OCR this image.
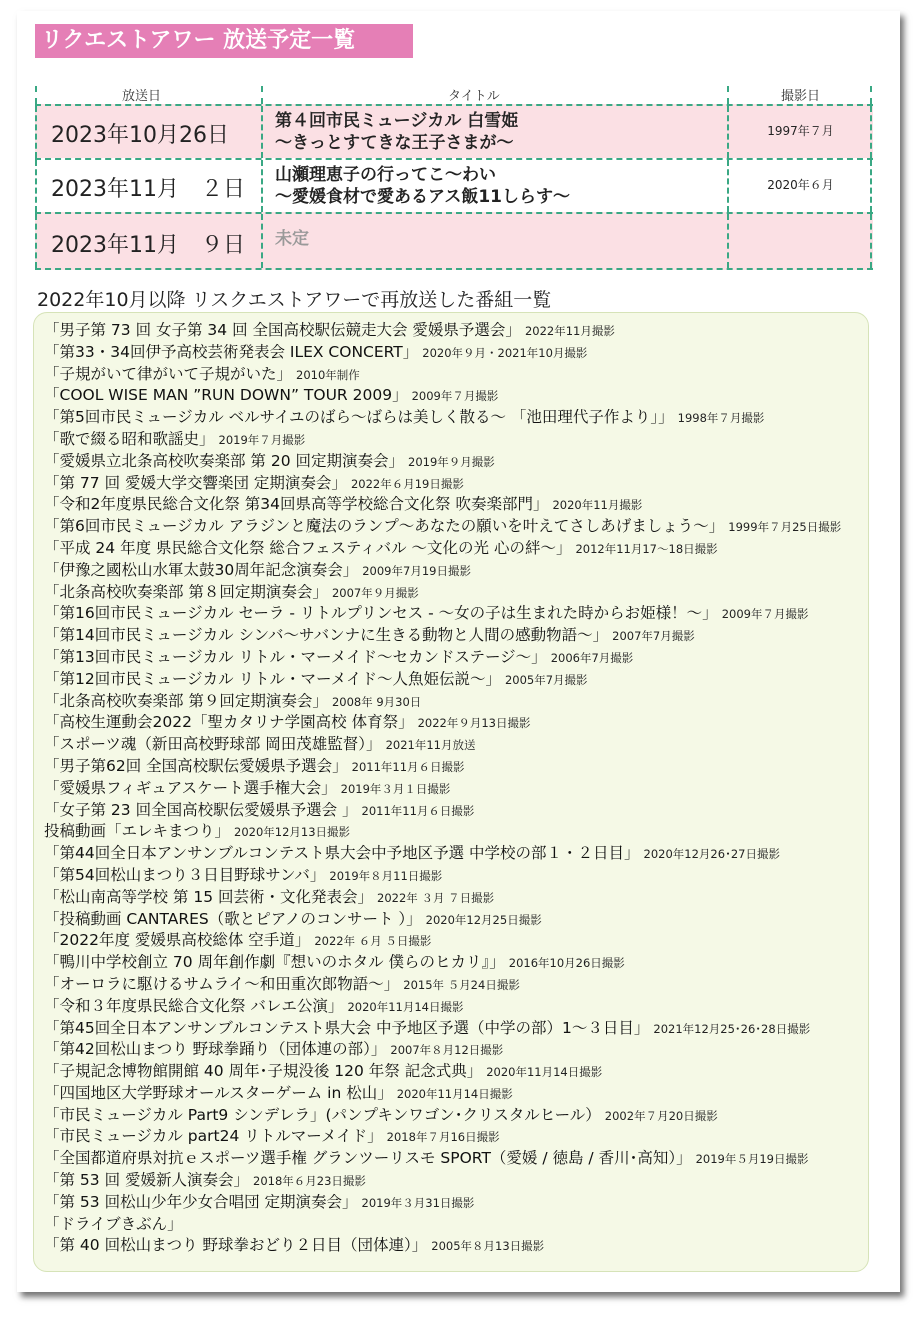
リクエストアワー 放送予定一覧
放送日	タイトル	撮影日
2023年10月26日
第４回市民ミュージカル 白雪姫
〜きっとすてきな王子さまが〜
1997年７月
2023年11月　２日
山瀬理恵子の行ってこ〜わい
〜愛媛食材で愛あるアス飯11しらす〜
2020年６月
2023年11月　９日 未定
2022年10月以降 リスクエストアワーで再放送した番組一覧
「男子第 73 回 女子第 34 回 全国高校駅伝競走大会 愛媛県予選会」 2022年11月撮影
「第33・34回伊予高校芸術発表会 ILEX CONCERT」 2020年９月・2021年10月撮影
「子規がいて律がいて子規がいた」 2010年制作
「COOL WISE MAN ”RUN DOWN” TOUR 2009」 2009年７月撮影
「第5回市民ミュージカル ベルサイユのばら〜ばらは美しく散る〜 「池田理代子作より」」 1998年７月撮影
「歌で綴る昭和歌謡史」 2019年７月撮影
「愛媛県立北条高校吹奏楽部 第 20 回定期演奏会」 2019年９月撮影
「第 77 回 愛媛大学交響楽団 定期演奏会」 2022年６月19日撮影
「令和2年度県民総合文化祭 第34回県高等学校総合文化祭 吹奏楽部門」 2020年11月撮影
「第6回市民ミュージカル アラジンと魔法のランプ〜あなたの願いを叶えてさしあげましょう〜」 1999年７月25日撮影
「平成 24 年度 県民総合文化祭 総合フェスティバル 〜文化の光 心の絆〜」 2012年11月17〜18日撮影
「伊豫之國松山水軍太鼓30周年記念演奏会」 2009年7月19日撮影
「北条高校吹奏楽部 第８回定期演奏会」 2007年９月撮影
「第16回市民ミュージカル セーラ - リトルプリンセス - 〜女の子は生まれた時からお姫様！〜」 2009年７月撮影
「第14回市民ミュージカル シンバ〜サバンナに生きる動物と人間の感動物語〜」 2007年7月撮影
「第13回市民ミュージカル リトル・マーメイド〜セカンドステージ〜」 2006年7月撮影
「第12回市民ミュージカル リトル・マーメイド〜人魚姫伝説〜」 2005年7月撮影
「北条高校吹奏楽部 第９回定期演奏会」 2008年 9月30日
「高校生運動会2022「聖カタリナ学園高校 体育祭」 2022年９月13日撮影
「スポーツ魂（新田高校野球部 岡田茂雄監督）」 2021年11月放送
「男子第62回 全国高校駅伝愛媛県予選会」 2011年11月６日撮影
「愛媛県フィギュアスケート選手権大会」 2019年３月１日撮影
「女子第 23 回全国高校駅伝愛媛県予選会 」 2011年11月６日撮影
投稿動画「エレキまつり」 2020年12月13日撮影
「第44回全日本アンサンブルコンテスト県大会中予地区予選 中学校の部１・２日目」 2020年12月26･27日撮影
「第54回松山まつり３日目野球サンバ」 2019年８月11日撮影
「松山南高等学校 第 15 回芸術・文化発表会」 2022年 ３月 ７日撮影
「投稿動画 CANTARES（歌とピアノのコンサート ）」 2020年12月25日撮影
「2022年度 愛媛県高校総体 空手道」 2022年 ６月 ５日撮影
「鴨川中学校創立 70 周年創作劇『想いのホタル 僕らのヒカリ』」 2016年10月26日撮影
「オーロラに駆けるサムライ〜和田重次郎物語〜」 2015年 ５月24日撮影
「令和３年度県民総合文化祭 バレエ公演」 2020年11月14日撮影
「第45回全日本アンサンブルコンテスト県大会 中予地区予選（中学の部）1〜３日目」 2021年12月25･26･28日撮影
「第42回松山まつり 野球拳踊り（団体連の部）」 2007年８月12日撮影
「子規記念博物館開館 40 周年･子規没後 120 年祭 記念式典」 2020年11月14日撮影
「四国地区大学野球オールスターゲーム in 松山」 2020年11月14日撮影
「市民ミュージカル Part9 シンデレラ」(パンプキンワゴン･クリスタルヒール） 2002年７月20日撮影
「市民ミュージカル part24 リトルマーメイド」 2018年７月16日撮影
「全国都道府県対抗ｅスポーツ選手権 グランツーリスモ SPORT（愛媛 / 徳島 / 香川･高知）」 2019年５月19日撮影
「第 53 回 愛媛新人演奏会」 2018年６月23日撮影
「第 53 回松山少年少女合唱団 定期演奏会」 2019年３月31日撮影
「ドライブきぶん」
「第 40 回松山まつり 野球拳おどり２日目（団体連）」 2005年８月13日撮影
